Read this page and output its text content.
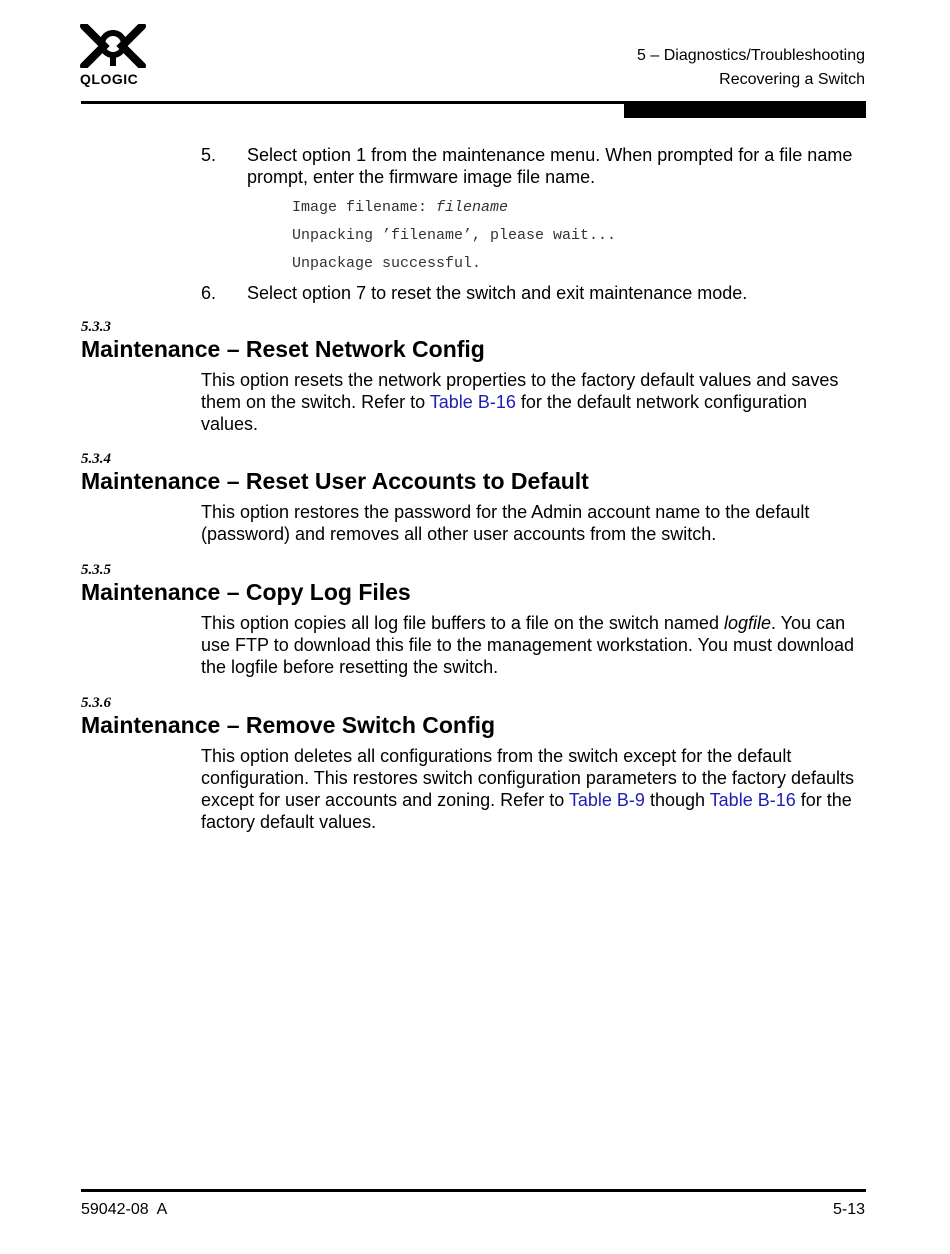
QLOGIC
5 – Diagnostics/Troubleshooting
Recovering a Switch
5. Select option 1 from the maintenance menu. When prompted for a file name prompt, enter the firmware image file name.
Image filename: filename
Unpacking ’filename’, please wait...
Unpackage successful.
6. Select option 7 to reset the switch and exit maintenance mode.
5.3.3
Maintenance – Reset Network Config
This option resets the network properties to the factory default values and saves them on the switch. Refer to Table B-16 for the default network configuration values.
5.3.4
Maintenance – Reset User Accounts to Default
This option restores the password for the Admin account name to the default (password) and removes all other user accounts from the switch.
5.3.5
Maintenance – Copy Log Files
This option copies all log file buffers to a file on the switch named logfile. You can use FTP to download this file to the management workstation. You must download the logfile before resetting the switch.
5.3.6
Maintenance – Remove Switch Config
This option deletes all configurations from the switch except for the default configuration. This restores switch configuration parameters to the factory defaults except for user accounts and zoning. Refer to Table B-9 though Table B-16 for the factory default values.
59042-08  A	5-13
